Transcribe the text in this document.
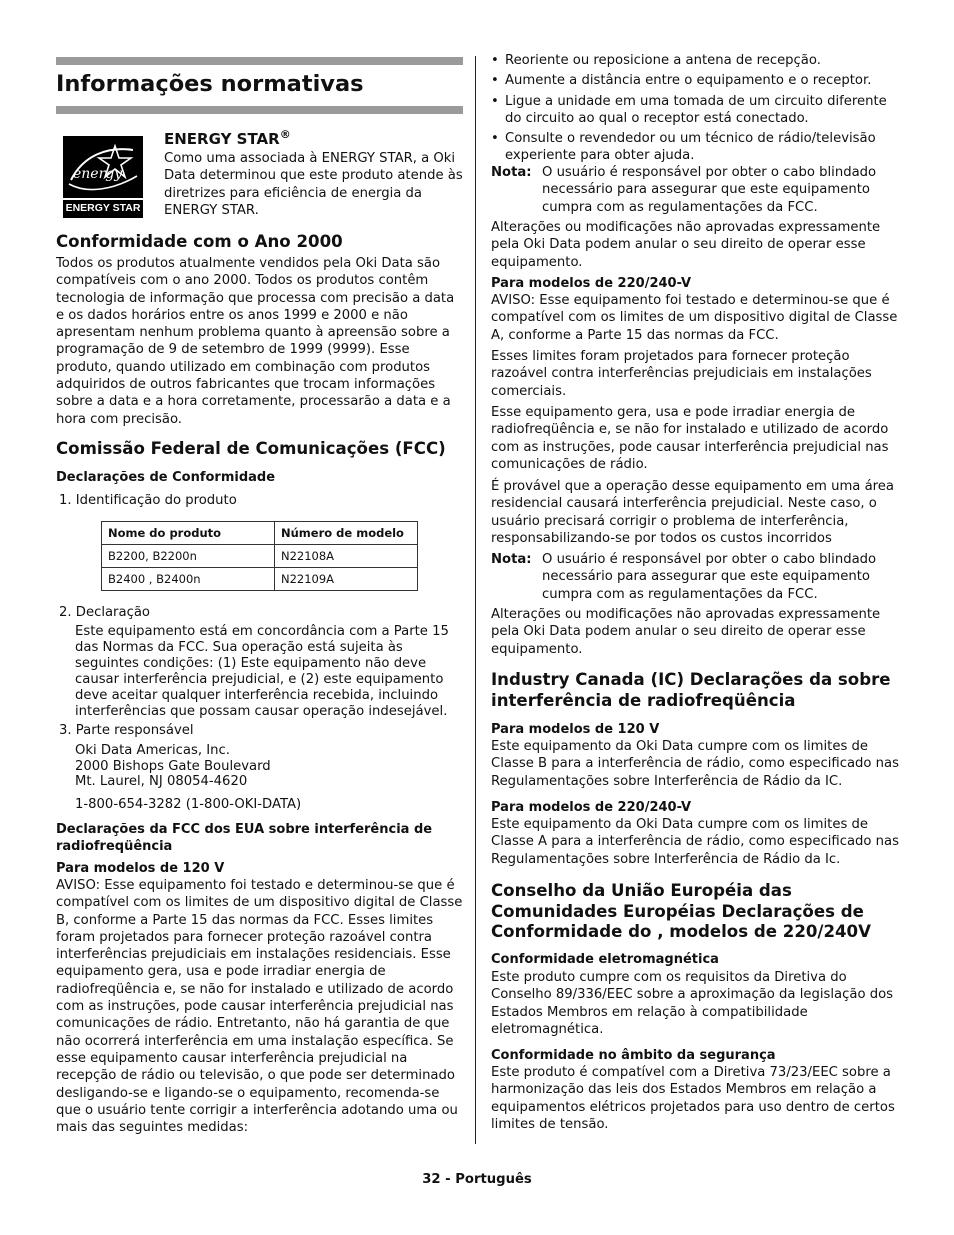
Informações normativas
energy
ENERGY STAR
ENERGY STAR®

Como uma associada à ENERGY STAR, a Oki Data determinou que este produto atende às diretrizes para eficiência de energia da ENERGY STAR.

Conformidade com o Ano 2000

Todos os produtos atualmente vendidos pela Oki Data são compatíveis com o ano 2000. Todos os produtos contêm tecnologia de informação que processa com precisão a data e os dados horários entre os anos 1999 e 2000 e não apresentam nenhum problema quanto à apreensão sobre a programação de 9 de setembro de 1999 (9999). Esse produto, quando utilizado em combinação com produtos adquiridos de outros fabricantes que trocam informações sobre a data e a hora corretamente, processarão a data e a hora com precisão.

Comissão Federal de Comunicações (FCC)
Declarações de Conformidade
1. Identificação do produto
Nome do produto	Número de modelo
B2200, B2200n	N22108A
B2400 , B2400n	N22109A
2. Declaração

Este equipamento está em concordância com a Parte 15 das Normas da FCC. Sua operação está sujeita às seguintes condições: (1) Este equipamento não deve causar interferência prejudicial, e (2) este equipamento deve aceitar qualquer interferência recebida, incluindo interferências que possam causar operação indesejável.

3. Parte responsável
Oki Data Americas, Inc.
2000 Bishops Gate Boulevard
Mt. Laurel, NJ 08054-4620

1-800-654-3282 (1-800-OKI-DATA)

Declarações da FCC dos EUA sobre interferência de radiofreqüência
Para modelos de 120 V

AVISO: Esse equipamento foi testado e determinou-se que é compatível com os limites de um dispositivo digital de Classe B, conforme a Parte 15 das normas da FCC. Esses limites foram projetados para fornecer proteção razoável contra interferências prejudiciais em instalações residenciais. Esse equipamento gera, usa e pode irradiar energia de radiofreqüência e, se não for instalado e utilizado de acordo com as instruções, pode causar interferência prejudicial nas comunicações de rádio. Entretanto, não há garantia de que não ocorrerá interferência em uma instalação específica. Se esse equipamento causar interferência prejudicial na recepção de rádio ou televisão, o que pode ser determinado desligando-se e ligando-se o equipamento, recomenda-se que o usuário tente corrigir a interferência adotando uma ou mais das seguintes medidas:

• Reoriente ou reposicione a antena de recepção.
• Aumente a distância entre o equipamento e o receptor.
• Ligue a unidade em uma tomada de um circuito diferente do circuito ao qual o receptor está conectado.
• Consulte o revendedor ou um técnico de rádio/televisão experiente para obter ajuda.
Nota: O usuário é responsável por obter o cabo blindado necessário para assegurar que este equipamento cumpra com as regulamentações da FCC.

Alterações ou modificações não aprovadas expressamente pela Oki Data podem anular o seu direito de operar esse equipamento.

Para modelos de 220/240-V

AVISO: Esse equipamento foi testado e determinou-se que é compatível com os limites de um dispositivo digital de Classe A, conforme a Parte 15 das normas da FCC.

Esses limites foram projetados para fornecer proteção razoável contra interferências prejudiciais em instalações comerciais.

Esse equipamento gera, usa e pode irradiar energia de radiofreqüência e, se não for instalado e utilizado de acordo com as instruções, pode causar interferência prejudicial nas comunicações de rádio.

É provável que a operação desse equipamento em uma área residencial causará interferência prejudicial. Neste caso, o usuário precisará corrigir o problema de interferência, responsabilizando-se por todos os custos incorridos

Nota: O usuário é responsável por obter o cabo blindado necessário para assegurar que este equipamento cumpra com as regulamentações da FCC.

Alterações ou modificações não aprovadas expressamente pela Oki Data podem anular o seu direito de operar esse equipamento.

Industry Canada (IC) Declarações da sobre interferência de radiofreqüência
Para modelos de 120 V

Este equipamento da Oki Data cumpre com os limites de Classe B para a interferência de rádio, como especificado nas Regulamentações sobre Interferência de Rádio da IC.

Para modelos de 220/240-V

Este equipamento da Oki Data cumpre com os limites de Classe A para a interferência de rádio, como especificado nas Regulamentações sobre Interferência de Rádio da Ic.

Conselho da União Européia das Comunidades Européias Declarações de Conformidade do , modelos de 220/240V
Conformidade eletromagnética

Este produto cumpre com os requisitos da Diretiva do Conselho 89/336/EEC sobre a aproximação da legislação dos Estados Membros em relação à compatibilidade eletromagnética.

Conformidade no âmbito da segurança

Este produto é compatível com a Diretiva 73/23/EEC sobre a harmonização das leis dos Estados Membros em relação a equipamentos elétricos projetados para uso dentro de certos limites de tensão.

32 - Português
